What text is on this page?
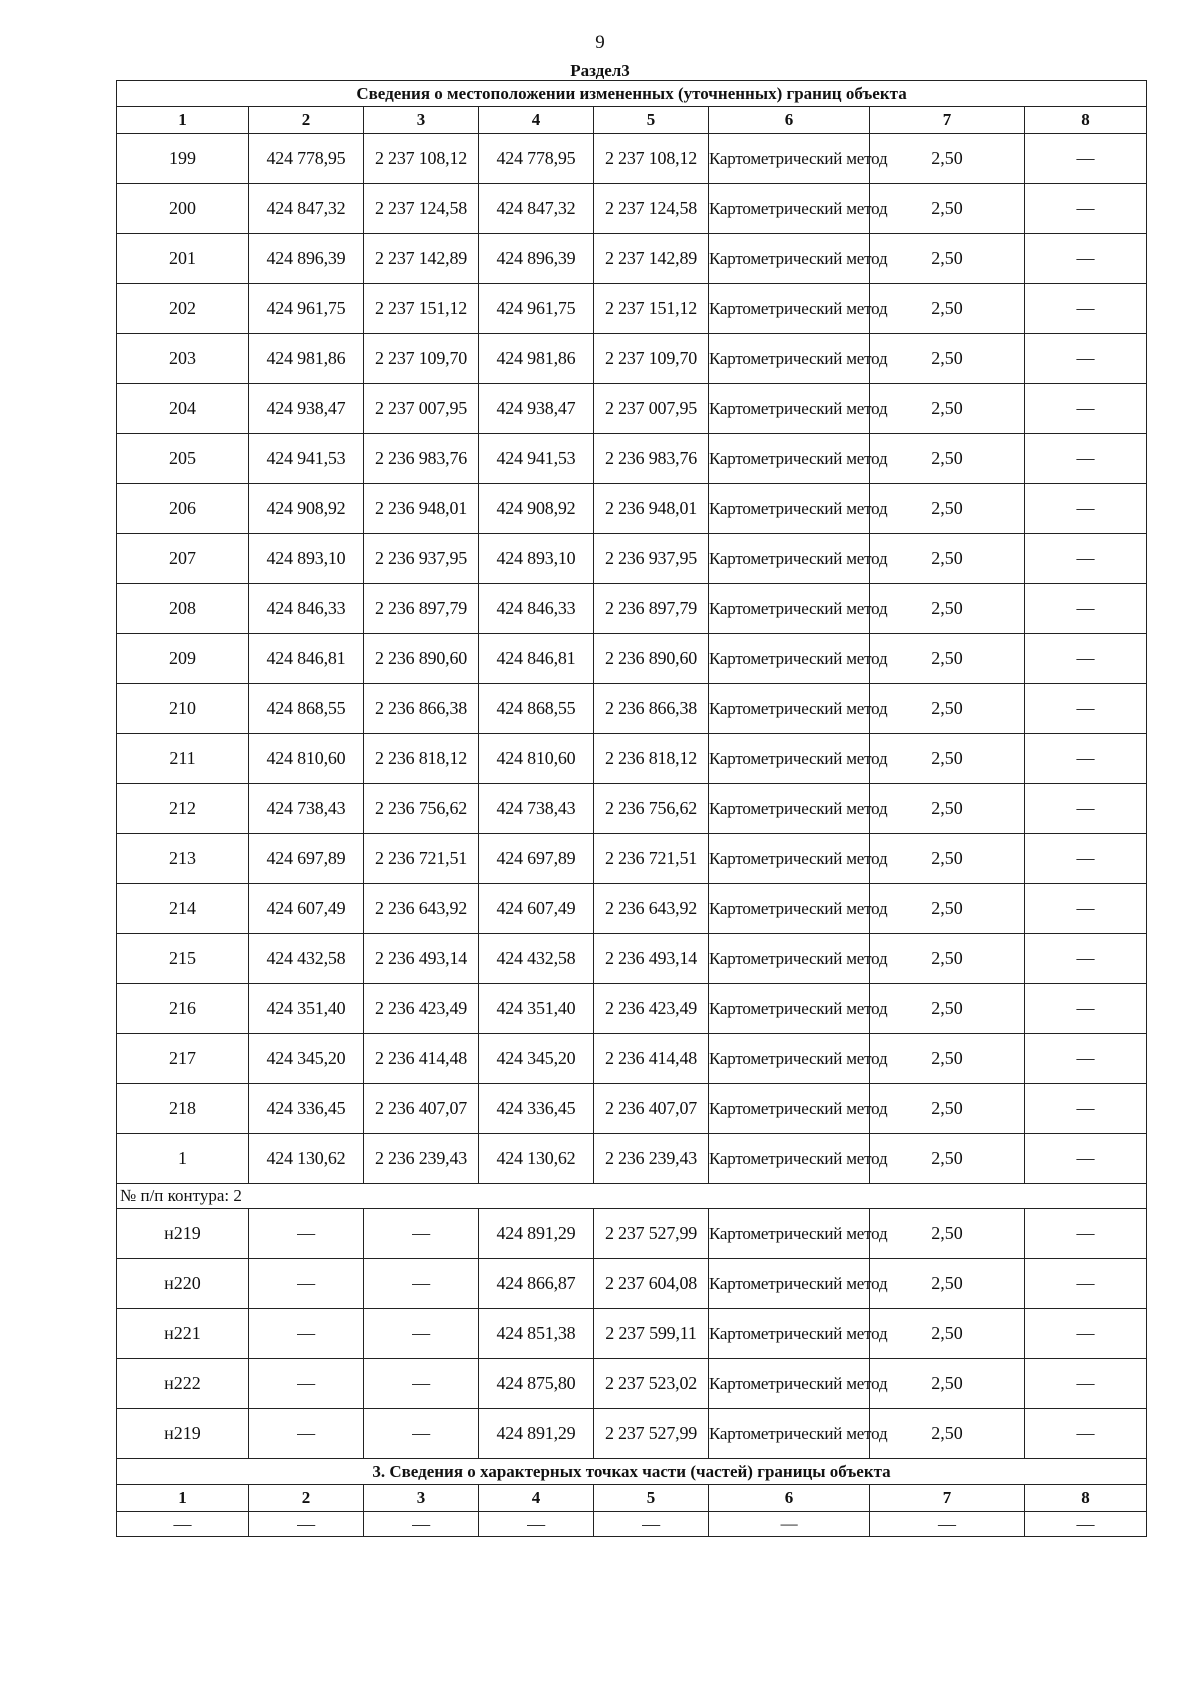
9
Раздел3
Сведения о местоположении измененных (уточненных) границ объекта							
1	2	3	4	5	6	7	8
199	424 778,95	2 237 108,12	424 778,95	2 237 108,12	Картометрический метод	2,50	—
200	424 847,32	2 237 124,58	424 847,32	2 237 124,58	Картометрический метод	2,50	—
201	424 896,39	2 237 142,89	424 896,39	2 237 142,89	Картометрический метод	2,50	—
202	424 961,75	2 237 151,12	424 961,75	2 237 151,12	Картометрический метод	2,50	—
203	424 981,86	2 237 109,70	424 981,86	2 237 109,70	Картометрический метод	2,50	—
204	424 938,47	2 237 007,95	424 938,47	2 237 007,95	Картометрический метод	2,50	—
205	424 941,53	2 236 983,76	424 941,53	2 236 983,76	Картометрический метод	2,50	—
206	424 908,92	2 236 948,01	424 908,92	2 236 948,01	Картометрический метод	2,50	—
207	424 893,10	2 236 937,95	424 893,10	2 236 937,95	Картометрический метод	2,50	—
208	424 846,33	2 236 897,79	424 846,33	2 236 897,79	Картометрический метод	2,50	—
209	424 846,81	2 236 890,60	424 846,81	2 236 890,60	Картометрический метод	2,50	—
210	424 868,55	2 236 866,38	424 868,55	2 236 866,38	Картометрический метод	2,50	—
211	424 810,60	2 236 818,12	424 810,60	2 236 818,12	Картометрический метод	2,50	—
212	424 738,43	2 236 756,62	424 738,43	2 236 756,62	Картометрический метод	2,50	—
213	424 697,89	2 236 721,51	424 697,89	2 236 721,51	Картометрический метод	2,50	—
214	424 607,49	2 236 643,92	424 607,49	2 236 643,92	Картометрический метод	2,50	—
215	424 432,58	2 236 493,14	424 432,58	2 236 493,14	Картометрический метод	2,50	—
216	424 351,40	2 236 423,49	424 351,40	2 236 423,49	Картометрический метод	2,50	—
217	424 345,20	2 236 414,48	424 345,20	2 236 414,48	Картометрический метод	2,50	—
218	424 336,45	2 236 407,07	424 336,45	2 236 407,07	Картометрический метод	2,50	—
1	424 130,62	2 236 239,43	424 130,62	2 236 239,43	Картометрический метод	2,50	—
№ п/п контура: 2							
н219	—	—	424 891,29	2 237 527,99	Картометрический метод	2,50	—
н220	—	—	424 866,87	2 237 604,08	Картометрический метод	2,50	—
н221	—	—	424 851,38	2 237 599,11	Картометрический метод	2,50	—
н222	—	—	424 875,80	2 237 523,02	Картометрический метод	2,50	—
н219	—	—	424 891,29	2 237 527,99	Картометрический метод	2,50	—
3. Сведения о характерных точках части (частей) границы объекта							
1	2	3	4	5	6	7	8
—	—	—	—	—	—	—	—
